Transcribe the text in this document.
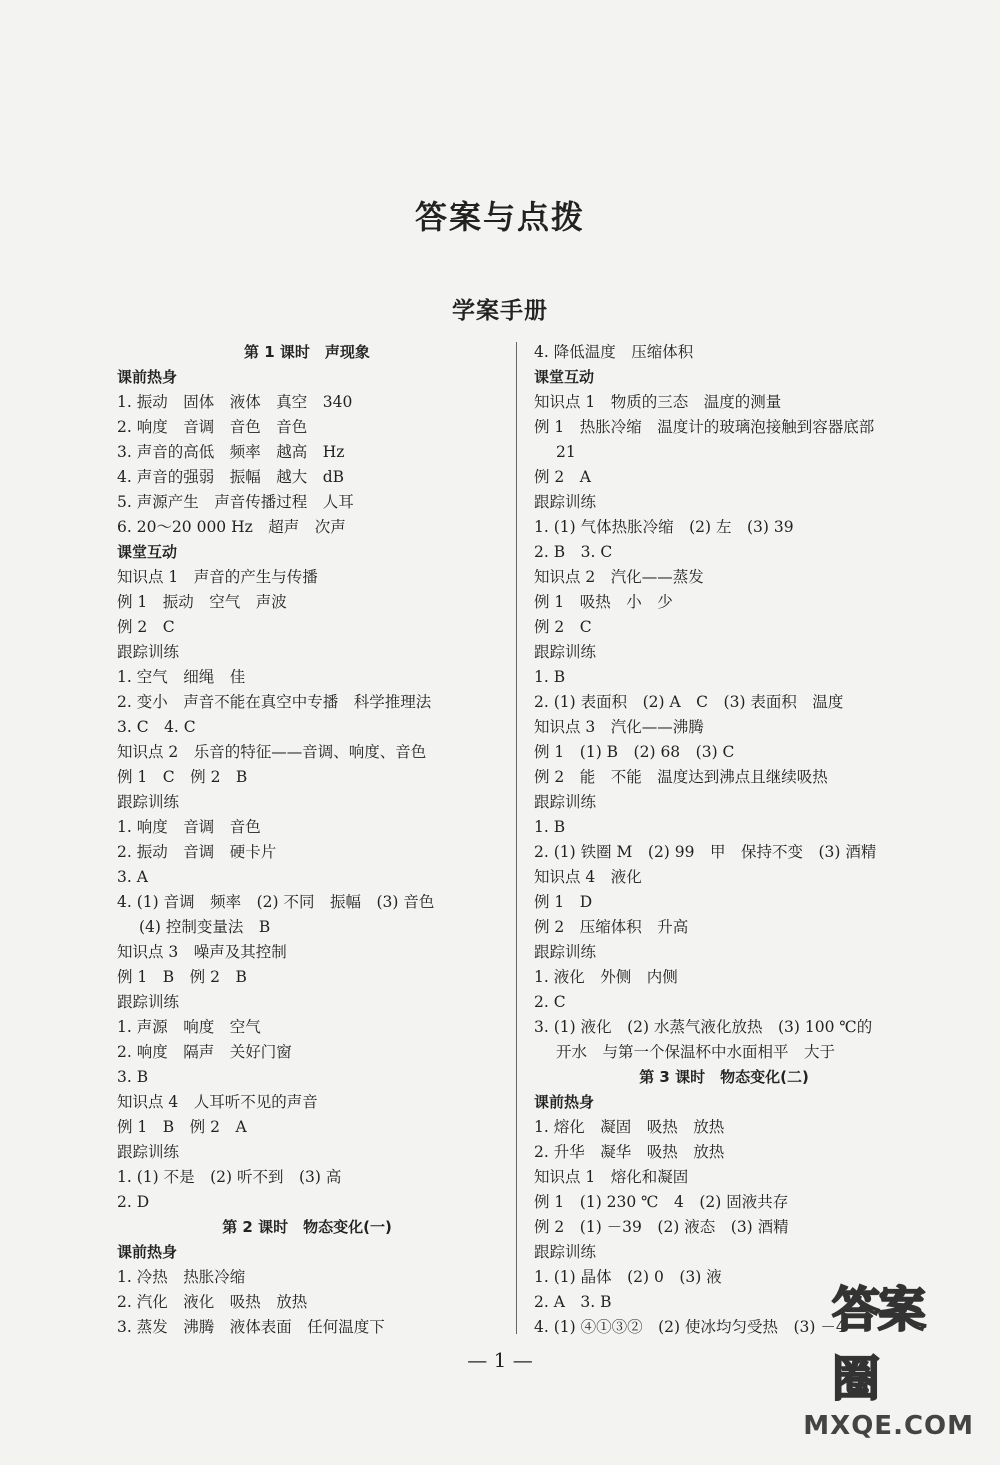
答案与点拨
学案手册
第 1 课时　声现象
课前热身
1. 振动　固体　液体　真空　340
2. 响度　音调　音色　音色
3. 声音的高低　频率　越高　Hz
4. 声音的强弱　振幅　越大　dB
5. 声源产生　声音传播过程　人耳
6. 20～20 000 Hz　超声　次声
课堂互动
知识点 1　声音的产生与传播
例 1　振动　空气　声波
例 2　C
跟踪训练
1. 空气　细绳　佳
2. 变小　声音不能在真空中专播　科学推理法
3. C　4. C
知识点 2　乐音的特征——音调、响度、音色
例 1　C　例 2　B
跟踪训练
1. 响度　音调　音色
2. 振动　音调　硬卡片
3. A
4. (1) 音调　频率　(2) 不同　振幅　(3) 音色
(4) 控制变量法　B
知识点 3　噪声及其控制
例 1　B　例 2　B
跟踪训练
1. 声源　响度　空气
2. 响度　隔声　关好门窗
3. B
知识点 4　人耳听不见的声音
例 1　B　例 2　A
跟踪训练
1. (1) 不是　(2) 听不到　(3) 高
2. D
第 2 课时　物态变化(一)
课前热身
1. 冷热　热胀冷缩
2. 汽化　液化　吸热　放热
3. 蒸发　沸腾　液体表面　任何温度下
4. 降低温度　压缩体积
课堂互动
知识点 1　物质的三态　温度的测量
例 1　热胀冷缩　温度计的玻璃泡接触到容器底部
21
例 2　A
跟踪训练
1. (1) 气体热胀冷缩　(2) 左　(3) 39
2. B　3. C
知识点 2　汽化——蒸发
例 1　吸热　小　少
例 2　C
跟踪训练
1. B
2. (1) 表面积　(2) A　C　(3) 表面积　温度
知识点 3　汽化——沸腾
例 1　(1) B　(2) 68　(3) C
例 2　能　不能　温度达到沸点且继续吸热
跟踪训练
1. B
2. (1) 铁圈 M　(2) 99　甲　保持不变　(3) 酒精
知识点 4　液化
例 1　D
例 2　压缩体积　升高
跟踪训练
1. 液化　外侧　内侧
2. C
3. (1) 液化　(2) 水蒸气液化放热　(3) 100 ℃的
开水　与第一个保温杯中水面相平　大于
第 3 课时　物态变化(二)
课前热身
1. 熔化　凝固　吸热　放热
2. 升华　凝华　吸热　放热
知识点 1　熔化和凝固
例 1　(1) 230 ℃　4　(2) 固液共存
例 2　(1) －39　(2) 液态　(3) 酒精
跟踪训练
1. (1) 晶体　(2) 0　(3) 液
2. A　3. B
4. (1) ④①③②　(2) 使冰均匀受热　(3) －4
— 1 —
答案圈
MXQE.COM
